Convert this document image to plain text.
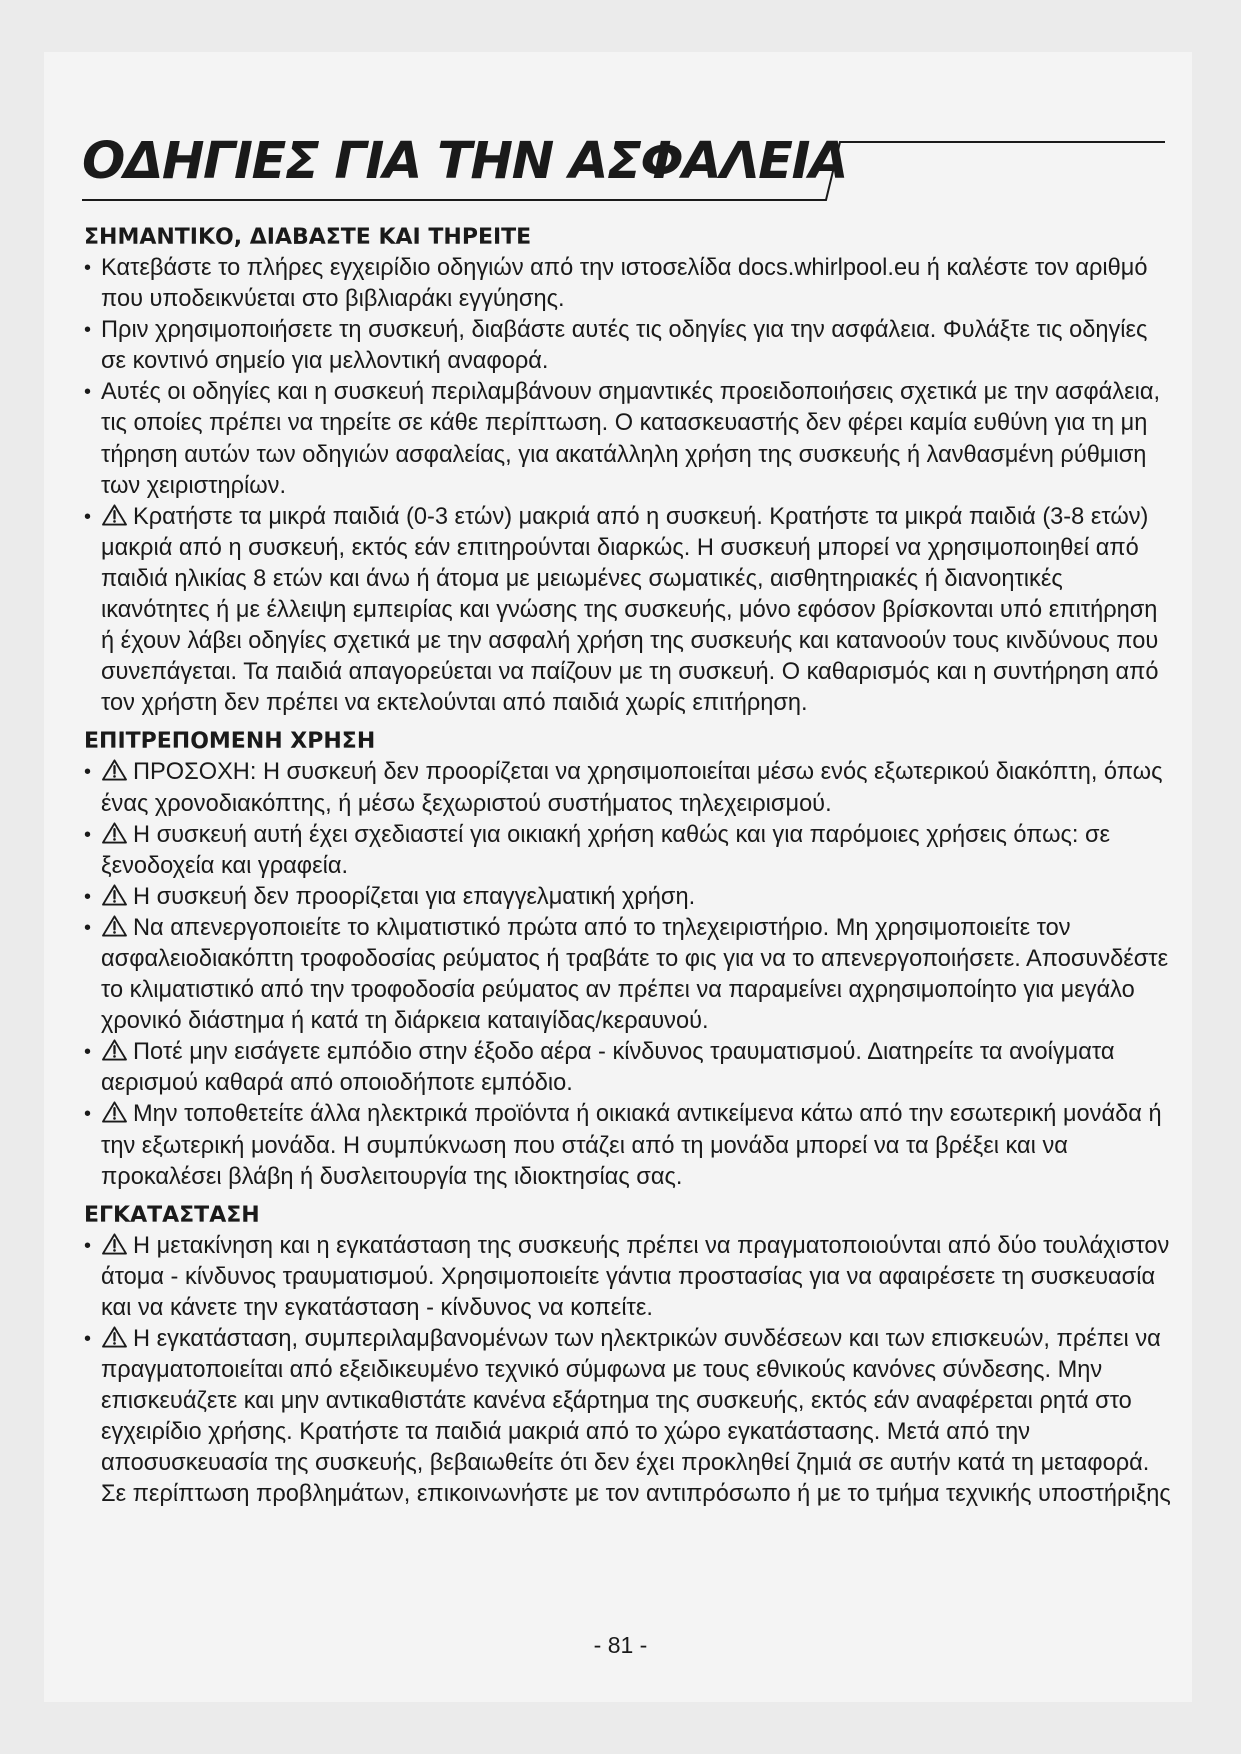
ΟΔΗΓΙΕΣ ΓΙΑ ΤΗΝ ΑΣΦΑΛΕΙΑ
ΣΗΜΑΝΤΙΚΟ, ΔΙΑΒΑΣΤΕ ΚΑΙ ΤΗΡΕΙΤΕ
• Κατεβάστε το πλήρες εγχειρίδιο οδηγιών από την ιστοσελίδα docs.whirlpool.eu ή καλέστε τον αριθμό που υποδεικνύεται στο βιβλιαράκι εγγύησης.
• Πριν χρησιμοποιήσετε τη συσκευή, διαβάστε αυτές τις οδηγίες για την ασφάλεια. Φυλάξτε τις οδηγίες σε κοντινό σημείο για μελλοντική αναφορά.
• Αυτές οι οδηγίες και η συσκευή περιλαμβάνουν σημαντικές προειδοποιήσεις σχετικά με την ασφάλεια, τις οποίες πρέπει να τηρείτε σε κάθε περίπτωση. Ο κατασκευαστής δεν φέρει καμία ευθύνη για τη μη τήρηση αυτών των οδηγιών ασφαλείας, για ακατάλληλη χρήση της συσκευής ή λανθασμένη ρύθμιση των χειριστηρίων.
• Κρατήστε τα μικρά παιδιά (0-3 ετών) μακριά από η συσκευή. Κρατήστε τα μικρά παιδιά (3-8 ετών) μακριά από η συσκευή, εκτός εάν επιτηρούνται διαρκώς. Η συσκευή μπορεί να χρησιμοποιηθεί από παιδιά ηλικίας 8 ετών και άνω ή άτομα με μειωμένες σωματικές, αισθητηριακές ή διανοητικές ικανότητες ή με έλλειψη εμπειρίας και γνώσης της συσκευής, μόνο εφόσον βρίσκονται υπό επιτήρηση ή έχουν λάβει οδηγίες σχετικά με την ασφαλή χρήση της συσκευής και κατανοούν τους κινδύνους που συνεπάγεται. Τα παιδιά απαγορεύεται να παίζουν με τη συσκευή. Ο καθαρισμός και η συντήρηση από τον χρήστη δεν πρέπει να εκτελούνται από παιδιά χωρίς επιτήρηση.
ΕΠΙΤΡΕΠΟΜΕΝΗ ΧΡΗΣΗ
• ΠΡΟΣΟΧΗ: Η συσκευή δεν προορίζεται να χρησιμοποιείται μέσω ενός εξωτερικού διακόπτη, όπως ένας χρονοδιακόπτης, ή μέσω ξεχωριστού συστήματος τηλεχειρισμού.
• Η συσκευή αυτή έχει σχεδιαστεί για οικιακή χρήση καθώς και για παρόμοιες χρήσεις όπως: σε ξενοδοχεία και γραφεία.
• Η συσκευή δεν προορίζεται για επαγγελματική χρήση.
• Να απενεργοποιείτε το κλιματιστικό πρώτα από το τηλεχειριστήριο. Μη χρησιμοποιείτε τον ασφαλειοδιακόπτη τροφοδοσίας ρεύματος ή τραβάτε το φις για να το απενεργοποιήσετε. Αποσυνδέστε το κλιματιστικό από την τροφοδοσία ρεύματος αν πρέπει να παραμείνει αχρησιμοποίητο για μεγάλο χρονικό διάστημα ή κατά τη διάρκεια καταιγίδας/κεραυνού.
• Ποτέ μην εισάγετε εμπόδιο στην έξοδο αέρα - κίνδυνος τραυματισμού. Διατηρείτε τα ανοίγματα αερισμού καθαρά από οποιοδήποτε εμπόδιο.
• Μην τοποθετείτε άλλα ηλεκτρικά προϊόντα ή οικιακά αντικείμενα κάτω από την εσωτερική μονάδα ή την εξωτερική μονάδα. Η συμπύκνωση που στάζει από τη μονάδα μπορεί να τα βρέξει και να προκαλέσει βλάβη ή δυσλειτουργία της ιδιοκτησίας σας.
ΕΓΚΑΤΑΣΤΑΣΗ
• Η μετακίνηση και η εγκατάσταση της συσκευής πρέπει να πραγματοποιούνται από δύο τουλάχιστον άτομα - κίνδυνος τραυματισμού. Χρησιμοποιείτε γάντια προστασίας για να αφαιρέσετε τη συσκευασία και να κάνετε την εγκατάσταση - κίνδυνος να κοπείτε.
• Η εγκατάσταση, συμπεριλαμβανομένων των ηλεκτρικών συνδέσεων και των επισκευών, πρέπει να πραγματοποιείται από εξειδικευμένο τεχνικό σύμφωνα με τους εθνικούς κανόνες σύνδεσης. Μην επισκευάζετε και μην αντικαθιστάτε κανένα εξάρτημα της συσκευής, εκτός εάν αναφέρεται ρητά στο εγχειρίδιο χρήσης. Κρατήστε τα παιδιά μακριά από το χώρο εγκατάστασης. Μετά από την αποσυσκευασία της συσκευής, βεβαιωθείτε ότι δεν έχει προκληθεί ζημιά σε αυτήν κατά τη μεταφορά. Σε περίπτωση προβλημάτων, επικοινωνήστε με τον αντιπρόσωπο ή με το τμήμα τεχνικής υποστήριξης
- 81 -
